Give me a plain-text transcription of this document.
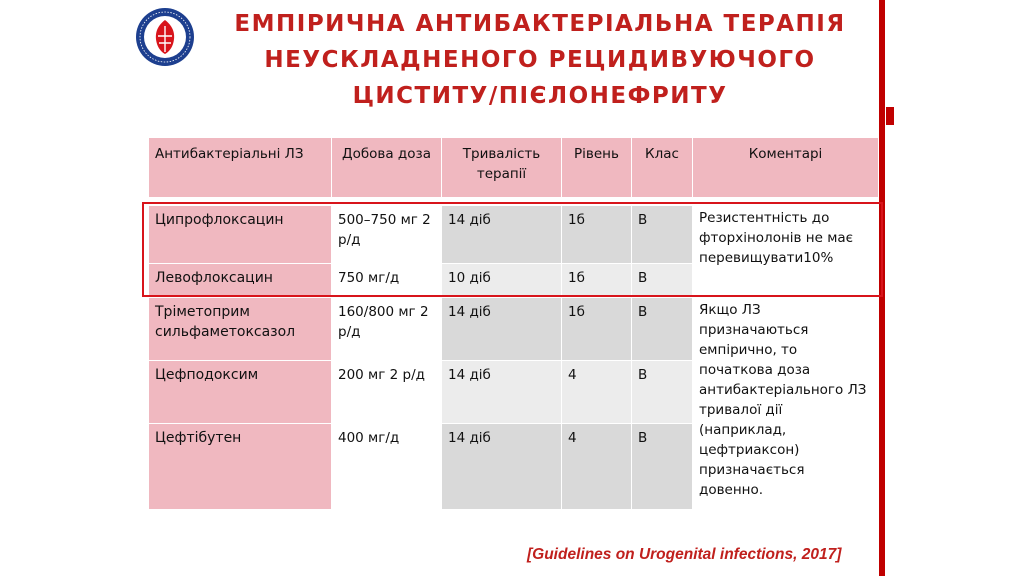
ЕМПІРИЧНА АНТИБАКТЕРІАЛЬНА ТЕРАПІЯ
НЕУСКЛАДНЕНОГО РЕЦИДИВУЮЧОГО
ЦИСТИТУ/ПІЄЛОНЕФРИТУ
Антибактеріальні ЛЗ	Добова доза	Тривалість терапії	Рівень	Клас	Коментарі

Ципрофлоксацин	500–750 мг 2 р/д	14 діб	1б	В	Резистентність до фторхінолонів не має перевищувати10%
Левофлоксацин	750 мг/д	10 діб	1б	В	
Тріметоприм сильфаметоксазол	160/800 мг 2 р/д	14 діб	1б	В	Якщо ЛЗ призначаються емпірично, то початкова доза антибактеріального ЛЗ тривалої дії (наприклад, цефтриаксон) призначається довенно.
Цефподоксим	200 мг 2 р/д	14 діб	4	В	
Цефтібутен	400 мг/д	14 діб	4	В	
[Guidelines on Urogenital infections, 2017]
